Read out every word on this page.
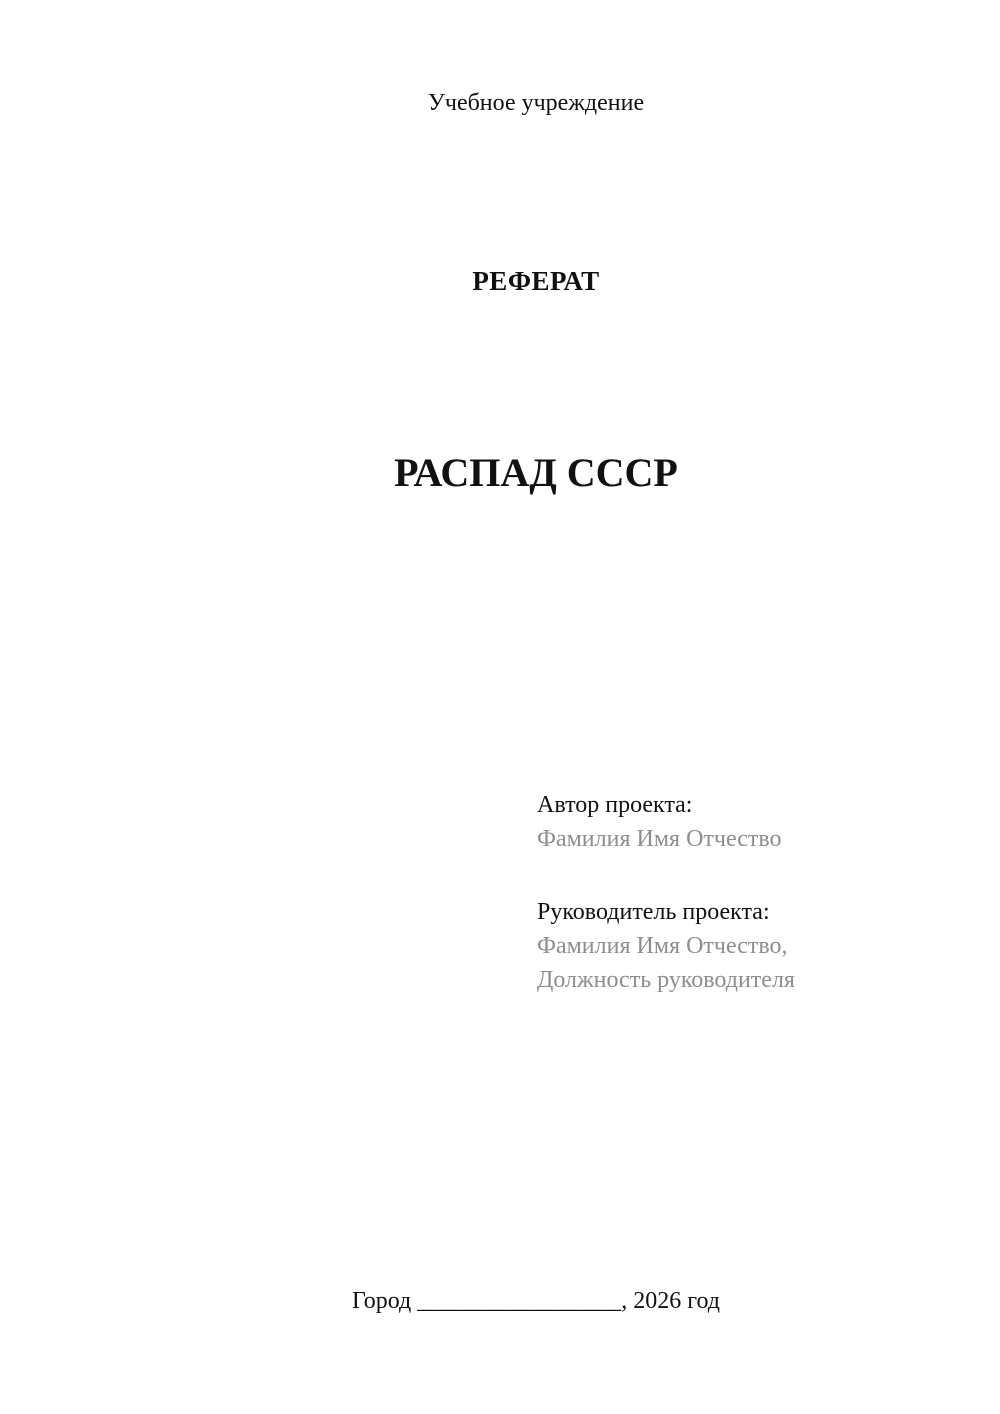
Учебное учреждение
РЕФЕРАТ
РАСПАД СССР
Автор проекта:
Фамилия Имя Отчество
Руководитель проекта:
Фамилия Имя Отчество,
Должность руководителя
Город _________________, 2026 год
